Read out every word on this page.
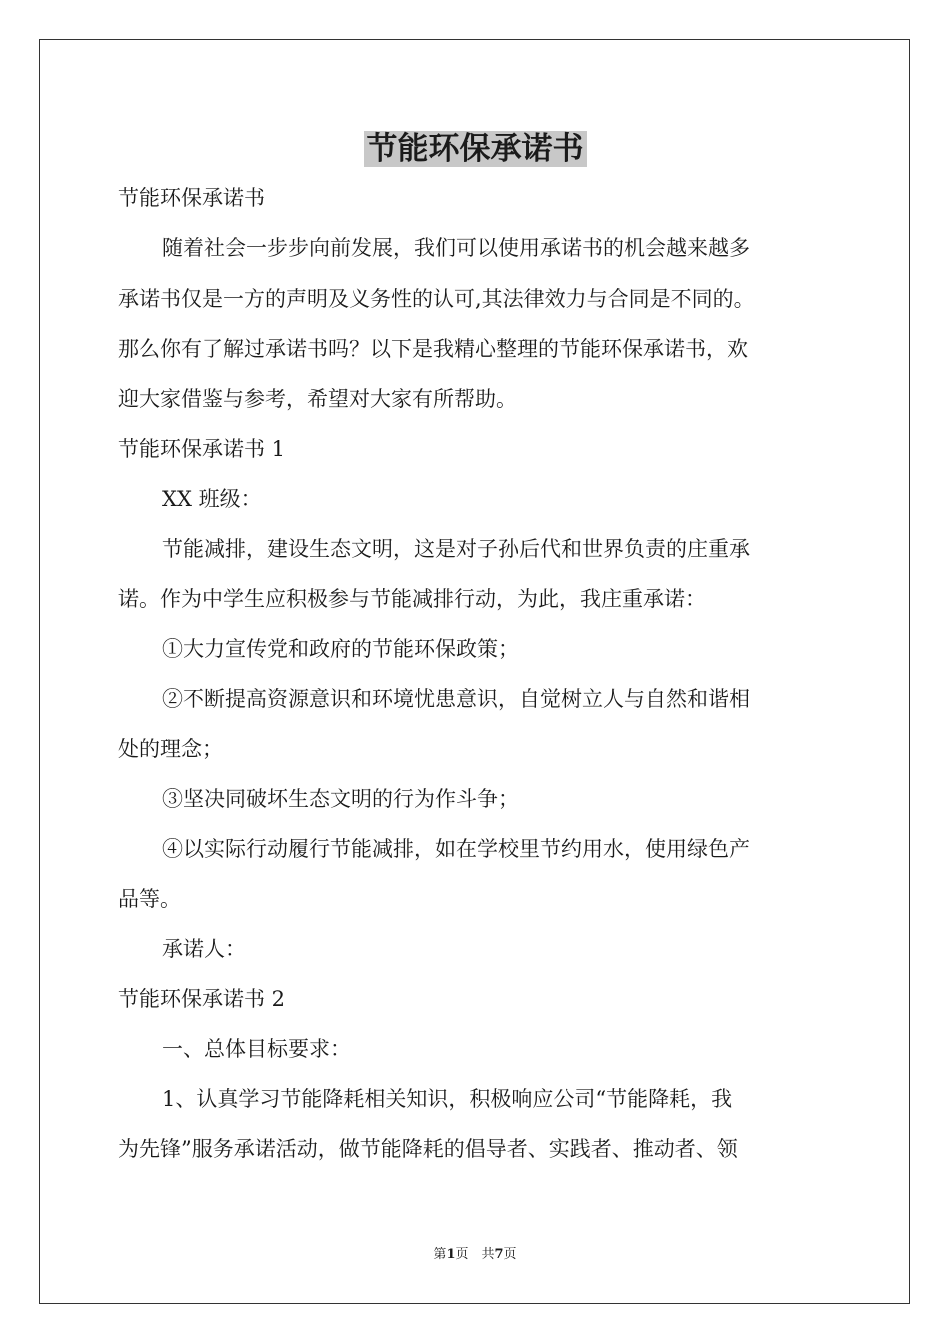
节能环保承诺书
节能环保承诺书
随着社会一步步向前发展，我们可以使用承诺书的机会越来越多
承诺书仅是一方的声明及义务性的认可,其法律效力与合同是不同的。
那么你有了解过承诺书吗？以下是我精心整理的节能环保承诺书，欢
迎大家借鉴与参考，希望对大家有所帮助。
节能环保承诺书 1
XX 班级：
节能减排，建设生态文明，这是对子孙后代和世界负责的庄重承
诺。作为中学生应积极参与节能减排行动，为此，我庄重承诺：
①大力宣传党和政府的节能环保政策；
②不断提高资源意识和环境忧患意识，自觉树立人与自然和谐相
处的理念；
③坚决同破坏生态文明的行为作斗争；
④以实际行动履行节能减排，如在学校里节约用水，使用绿色产
品等。
承诺人：
节能环保承诺书 2
一、总体目标要求：
1、认真学习节能降耗相关知识，积极响应公司“节能降耗，我
为先锋”服务承诺活动，做节能降耗的倡导者、实践者、推动者、领
第1页　共7页
